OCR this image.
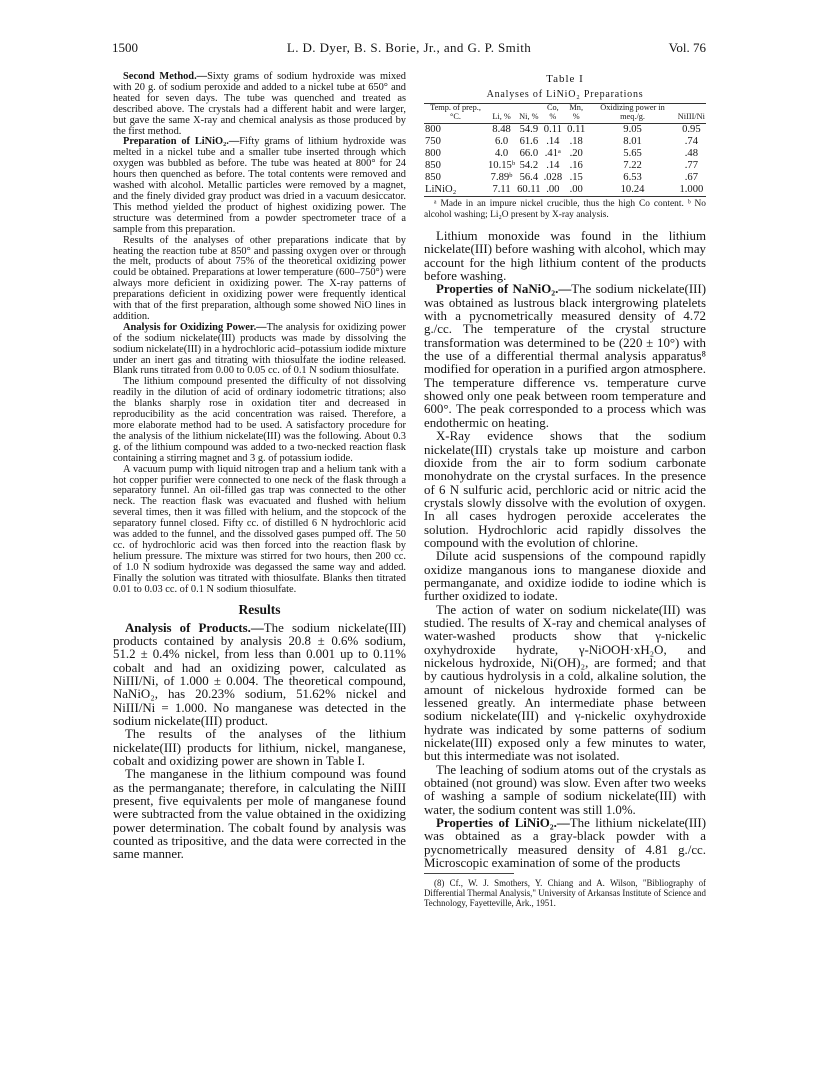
1500	L. D. Dyer, B. S. Borie, Jr., and G. P. Smith	Vol. 76

Second Method.—Sixty grams of sodium hydroxide was mixed with 20 g. of sodium peroxide and added to a nickel tube at 650° and heated for seven days. The tube was quenched and treated as described above. The crystals had a different habit and were larger, but gave the same X-ray and chemical analysis as those produced by the first method.

Preparation of LiNiO₂.—Fifty grams of lithium hydroxide was melted in a nickel tube and a smaller tube inserted through which oxygen was bubbled as before. The tube was heated at 800° for 24 hours then quenched as before. The total contents were removed and washed with alcohol. Metallic particles were removed by a magnet, and the finely divided gray product was dried in a vacuum desiccator. This method yielded the product of highest oxidizing power. The structure was determined from a powder spectrometer trace of a sample from this preparation.

Results of the analyses of other preparations indicate that by heating the reaction tube at 850° and passing oxygen over or through the melt, products of about 75% of the theoretical oxidizing power could be obtained. Preparations at lower temperature (600–750°) were always more deficient in oxidizing power. The X-ray patterns of preparations deficient in oxidizing power were frequently identical with that of the first preparation, although some showed NiO lines in addition.

Analysis for Oxidizing Power.—The analysis for oxidizing power of the sodium nickelate(III) products was made by dissolving the sodium nickelate(III) in a hydrochloric acid–potassium iodide mixture under an inert gas and titrating with thiosulfate the iodine released. Blank runs titrated from 0.00 to 0.05 cc. of 0.1 N sodium thiosulfate.

The lithium compound presented the difficulty of not dissolving readily in the dilution of acid of ordinary iodometric titrations; also the blanks sharply rose in oxidation titer and decreased in reproducibility as the acid concentration was raised. Therefore, a more elaborate method had to be used. A satisfactory procedure for the analysis of the lithium nickelate(III) was the following. About 0.3 g. of the lithium compound was added to a two-necked reaction flask containing a stirring magnet and 3 g. of potassium iodide.

A vacuum pump with liquid nitrogen trap and a helium tank with a hot copper purifier were connected to one neck of the flask through a separatory funnel. An oil-filled gas trap was connected to the other neck. The reaction flask was evacuated and flushed with helium several times, then it was filled with helium, and the stopcock of the separatory funnel closed. Fifty cc. of distilled 6 N hydrochloric acid was added to the funnel, and the dissolved gases pumped off. The 50 cc. of hydrochloric acid was then forced into the reaction flask by helium pressure. The mixture was stirred for two hours, then 200 cc. of 1.0 N sodium hydroxide was degassed the same way and added. Finally the solution was titrated with thiosulfate. Blanks then titrated 0.01 to 0.03 cc. of 0.1 N sodium thiosulfate.

Results

Analysis of Products.—The sodium nickelate(III) products contained by analysis 20.8 ± 0.6% sodium, 51.2 ± 0.4% nickel, from less than 0.001 up to 0.11% cobalt and had an oxidizing power, calculated as NiIII/Ni, of 1.000 ± 0.004. The theoretical compound, NaNiO₂, has 20.23% sodium, 51.62% nickel and NiIII/Ni = 1.000. No manganese was detected in the sodium nickelate(III) product.

The results of the analyses of the lithium nickelate(III) products for lithium, nickel, manganese, cobalt and oxidizing power are shown in Table I.

The manganese in the lithium compound was found as the permanganate; therefore, in calculating the NiIII present, five equivalents per mole of manganese found were subtracted from the value obtained in the oxidizing power determination. The cobalt found by analysis was counted as tripositive, and the data were corrected in the same manner.

Table I
Analyses of LiNiO₂ Preparations
Temp. of prep., °C.	Li, %	Ni, %	Co, %	Mn, %	Oxidizing power in meq./g.	NiIII/Ni
800	8.48	54.9	0.11	0.11	9.05	0.95
750	6.0	61.6	.14	.18	8.01	.74
800	4.0	66.0	.41ᵃ	.20	5.65	.48
850	10.15ᵇ	54.2	.14	.16	7.22	.77
850	7.89ᵇ	56.4	.028	.15	6.53	.67
LiNiO₂	7.11	60.11	.00	.00	10.24	1.000

ᵃ Made in an impure nickel crucible, thus the high Co content. ᵇ No alcohol washing; Li₂O present by X-ray analysis.

Lithium monoxide was found in the lithium nickelate(III) before washing with alcohol, which may account for the high lithium content of the products before washing.

Properties of NaNiO₂.—The sodium nickelate(III) was obtained as lustrous black intergrowing platelets with a pycnometrically measured density of 4.72 g./cc. The temperature of the crystal structure transformation was determined to be (220 ± 10°) with the use of a differential thermal analysis apparatus⁸ modified for operation in a purified argon atmosphere. The temperature difference vs. temperature curve showed only one peak between room temperature and 600°. The peak corresponded to a process which was endothermic on heating.

X-Ray evidence shows that the sodium nickelate(III) crystals take up moisture and carbon dioxide from the air to form sodium carbonate monohydrate on the crystal surfaces. In the presence of 6 N sulfuric acid, perchloric acid or nitric acid the crystals slowly dissolve with the evolution of oxygen. In all cases hydrogen peroxide accelerates the solution. Hydrochloric acid rapidly dissolves the compound with the evolution of chlorine.

Dilute acid suspensions of the compound rapidly oxidize manganous ions to manganese dioxide and permanganate, and oxidize iodide to iodine which is further oxidized to iodate.

The action of water on sodium nickelate(III) was studied. The results of X-ray and chemical analyses of water-washed products show that γ-nickelic oxyhydroxide hydrate, γ-NiOOH·xH₂O, and nickelous hydroxide, Ni(OH)₂, are formed; and that by cautious hydrolysis in a cold, alkaline solution, the amount of nickelous hydroxide formed can be lessened greatly. An intermediate phase between sodium nickelate(III) and γ-nickelic oxyhydroxide hydrate was indicated by some patterns of sodium nickelate(III) exposed only a few minutes to water, but this intermediate was not isolated.

The leaching of sodium atoms out of the crystals as obtained (not ground) was slow. Even after two weeks of washing a sample of sodium nickelate(III) with water, the sodium content was still 1.0%.

Properties of LiNiO₂.—The lithium nickelate(III) was obtained as a gray-black powder with a pycnometrically measured density of 4.81 g./cc. Microscopic examination of some of the products

(8) Cf., W. J. Smothers, Y. Chiang and A. Wilson, "Bibliography of Differential Thermal Analysis," University of Arkansas Institute of Science and Technology, Fayetteville, Ark., 1951.
